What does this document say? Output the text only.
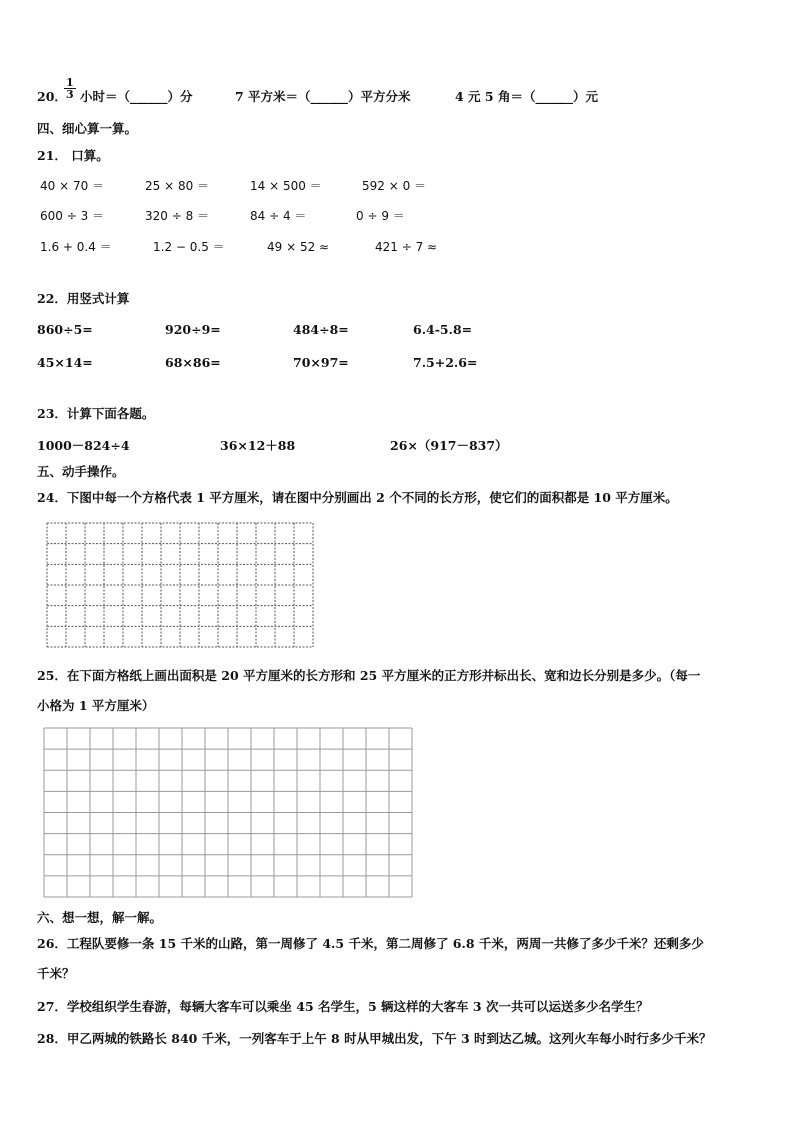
20．
$\frac{1}{3}$ 小时＝（______）分	7 平方米＝（______）平方分米	4 元 5 角＝（______）元
四、细心算一算。
21． 口算。
40 × 70 ＝	25 × 80 ＝	14 × 500 ＝	592 × 0 ＝
600 ÷ 3 ＝	320 ÷ 8 ＝	84 ÷ 4 ＝	0 ÷ 9 ＝
1.6 + 0.4 ＝	1.2 − 0.5 ＝	49 × 52 ≈	421 ÷ 7 ≈
22．用竖式计算
860÷5=	920÷9=	484÷8=	6.4-5.8=
45×14=	68×86=	70×97=	7.5+2.6=
23．计算下面各题。
1000－824÷4	36×12＋88	26×（917－837）
五、动手操作。
24．下图中每一个方格代表 1 平方厘米，请在图中分别画出 2 个不同的长方形，使它们的面积都是 10 平方厘米。
25．在下面方格纸上画出面积是 20 平方厘米的长方形和 25 平方厘米的正方形并标出长、宽和边长分别是多少。（每一
小格为 1 平方厘米）
六、想一想，解一解。
26．工程队要修一条 15 千米的山路，第一周修了 4.5 千米，第二周修了 6.8 千米，两周一共修了多少千米？还剩多少
千米？
27．学校组织学生春游，每辆大客车可以乘坐 45 名学生，5 辆这样的大客车 3 次一共可以运送多少名学生？
28．甲乙两城的铁路长 840 千米，一列客车于上午 8 时从甲城出发，下午 3 时到达乙城。这列火车每小时行多少千米？
